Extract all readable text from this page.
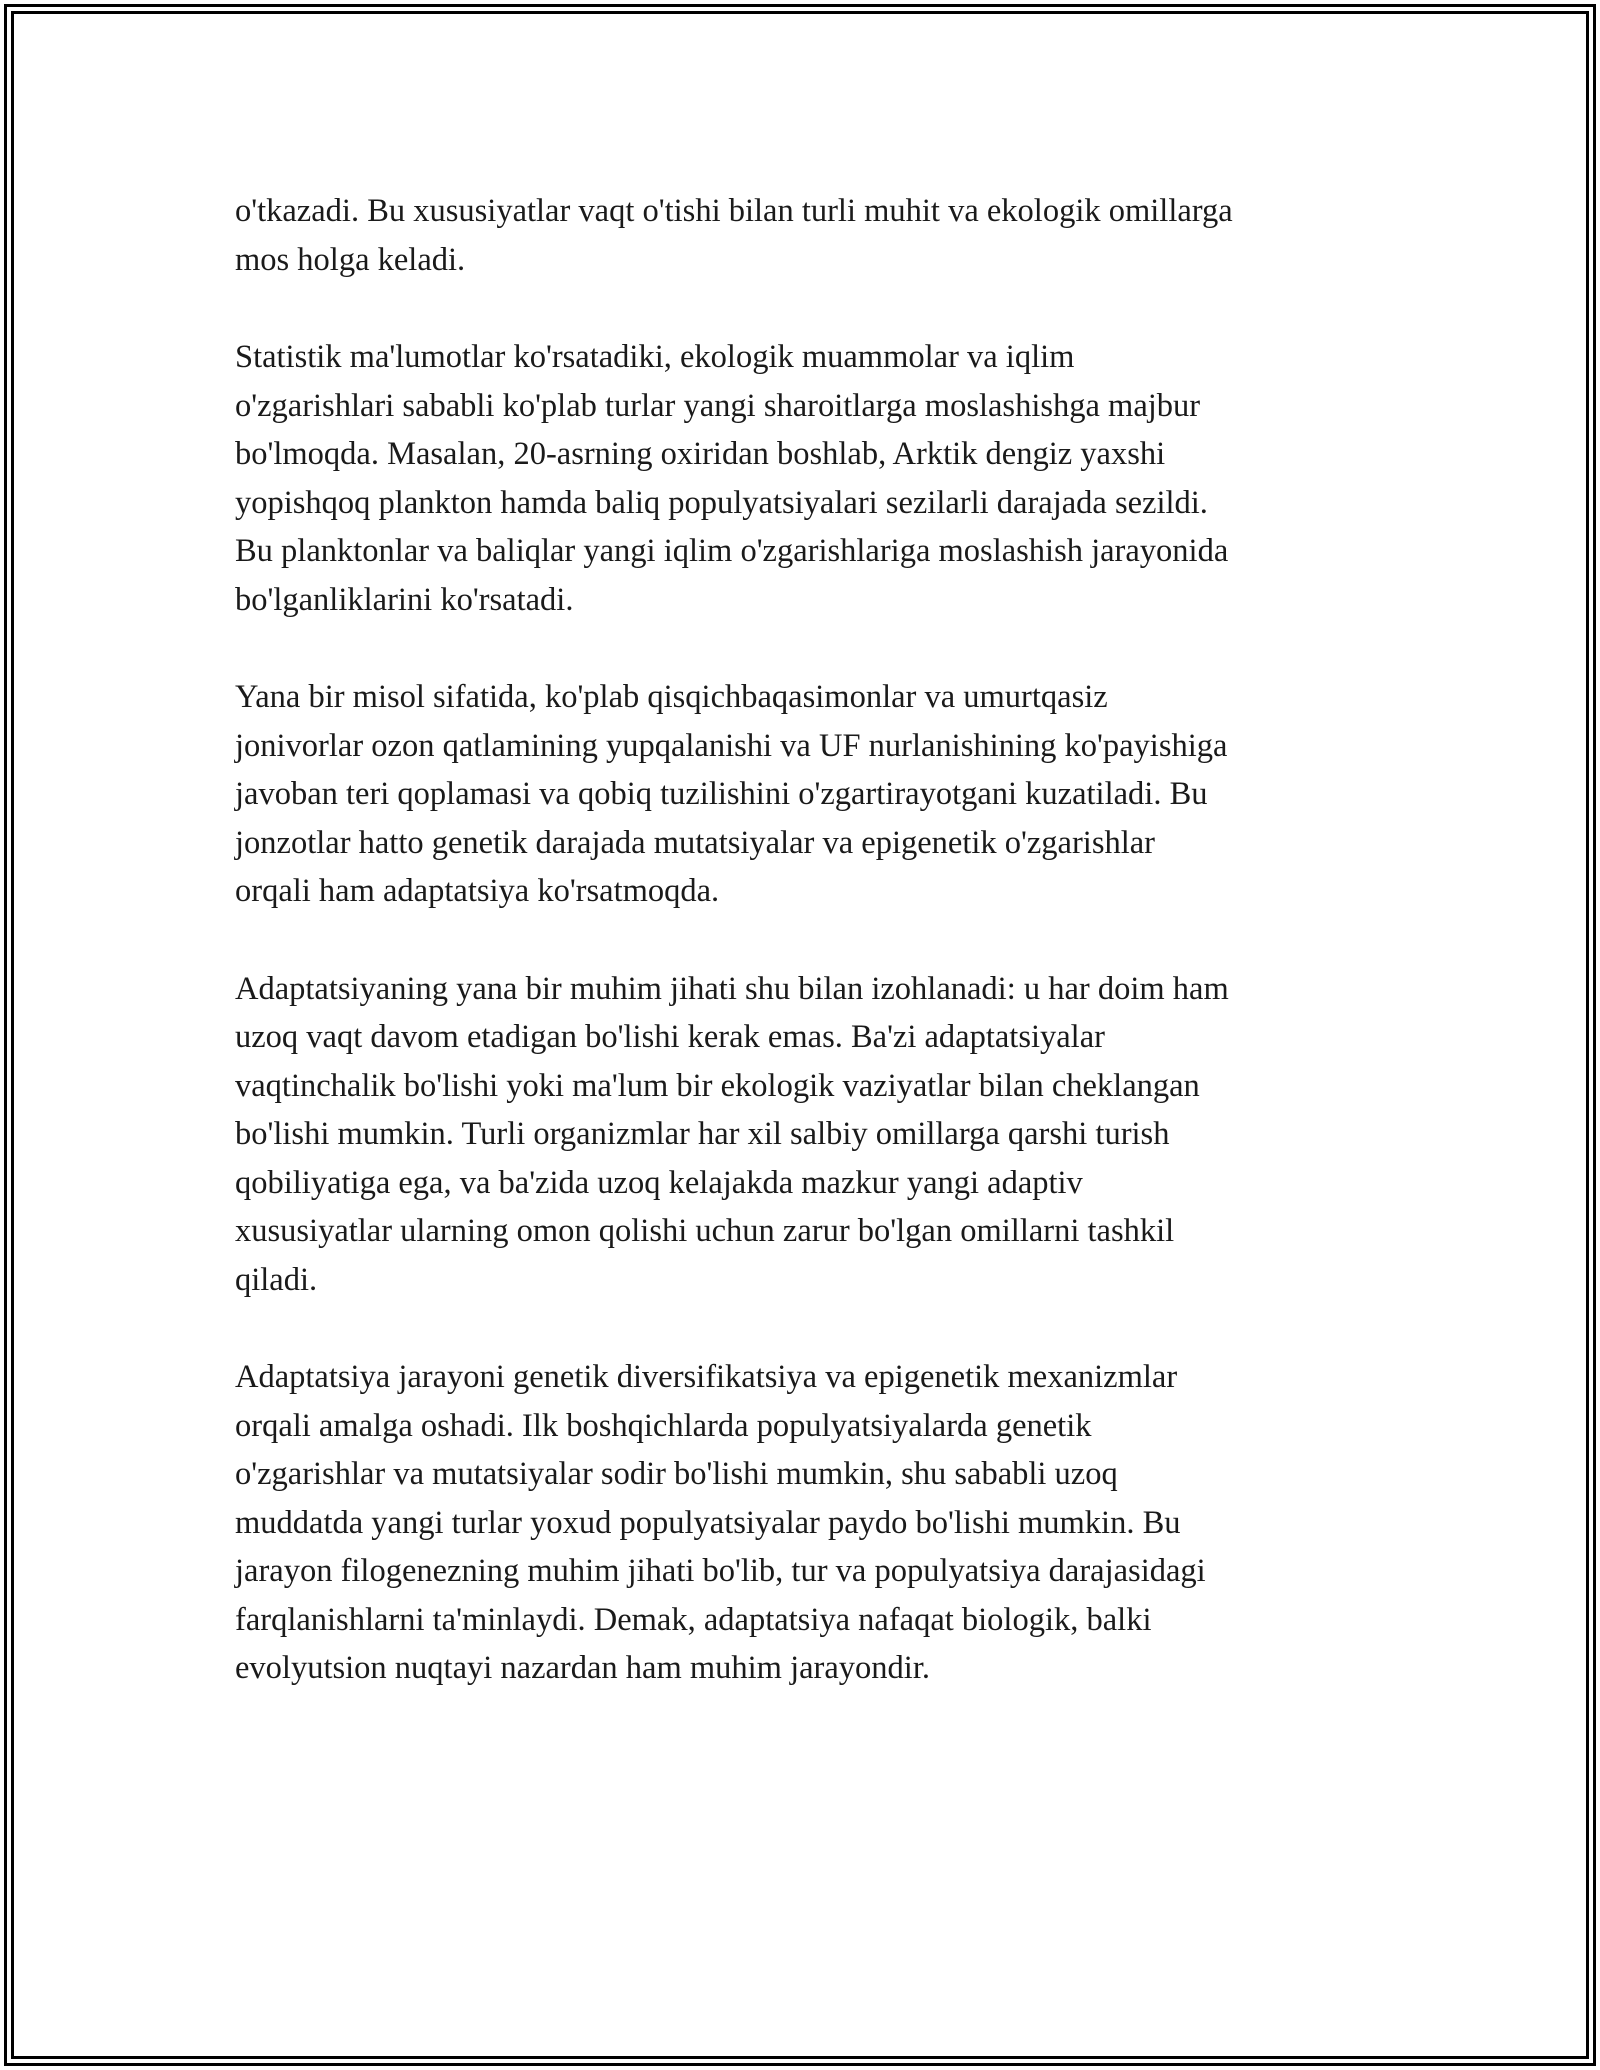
o'tkazadi. Bu xususiyatlar vaqt o'tishi bilan turli muhit va ekologik omillarga
mos holga keladi.
Statistik ma'lumotlar ko'rsatadiki, ekologik muammolar va iqlim
o'zgarishlari sababli ko'plab turlar yangi sharoitlarga moslashishga majbur
bo'lmoqda. Masalan, 20-asrning oxiridan boshlab, Arktik dengiz yaxshi
yopishqoq plankton hamda baliq populyatsiyalari sezilarli darajada sezildi.
Bu planktonlar va baliqlar yangi iqlim o'zgarishlariga moslashish jarayonida
bo'lganliklarini ko'rsatadi.
Yana bir misol sifatida, ko'plab qisqichbaqasimonlar va umurtqasiz
jonivorlar ozon qatlamining yupqalanishi va UF nurlanishining ko'payishiga
javoban teri qoplamasi va qobiq tuzilishini o'zgartirayotgani kuzatiladi. Bu
jonzotlar hatto genetik darajada mutatsiyalar va epigenetik o'zgarishlar
orqali ham adaptatsiya ko'rsatmoqda.
Adaptatsiyaning yana bir muhim jihati shu bilan izohlanadi: u har doim ham
uzoq vaqt davom etadigan bo'lishi kerak emas. Ba'zi adaptatsiyalar
vaqtinchalik bo'lishi yoki ma'lum bir ekologik vaziyatlar bilan cheklangan
bo'lishi mumkin. Turli organizmlar har xil salbiy omillarga qarshi turish
qobiliyatiga ega, va ba'zida uzoq kelajakda mazkur yangi adaptiv
xususiyatlar ularning omon qolishi uchun zarur bo'lgan omillarni tashkil
qiladi.
Adaptatsiya jarayoni genetik diversifikatsiya va epigenetik mexanizmlar
orqali amalga oshadi. Ilk boshqichlarda populyatsiyalarda genetik
o'zgarishlar va mutatsiyalar sodir bo'lishi mumkin, shu sababli uzoq
muddatda yangi turlar yoxud populyatsiyalar paydo bo'lishi mumkin. Bu
jarayon filogenezning muhim jihati bo'lib, tur va populyatsiya darajasidagi
farqlanishlarni ta'minlaydi. Demak, adaptatsiya nafaqat biologik, balki
evolyutsion nuqtayi nazardan ham muhim jarayondir.
